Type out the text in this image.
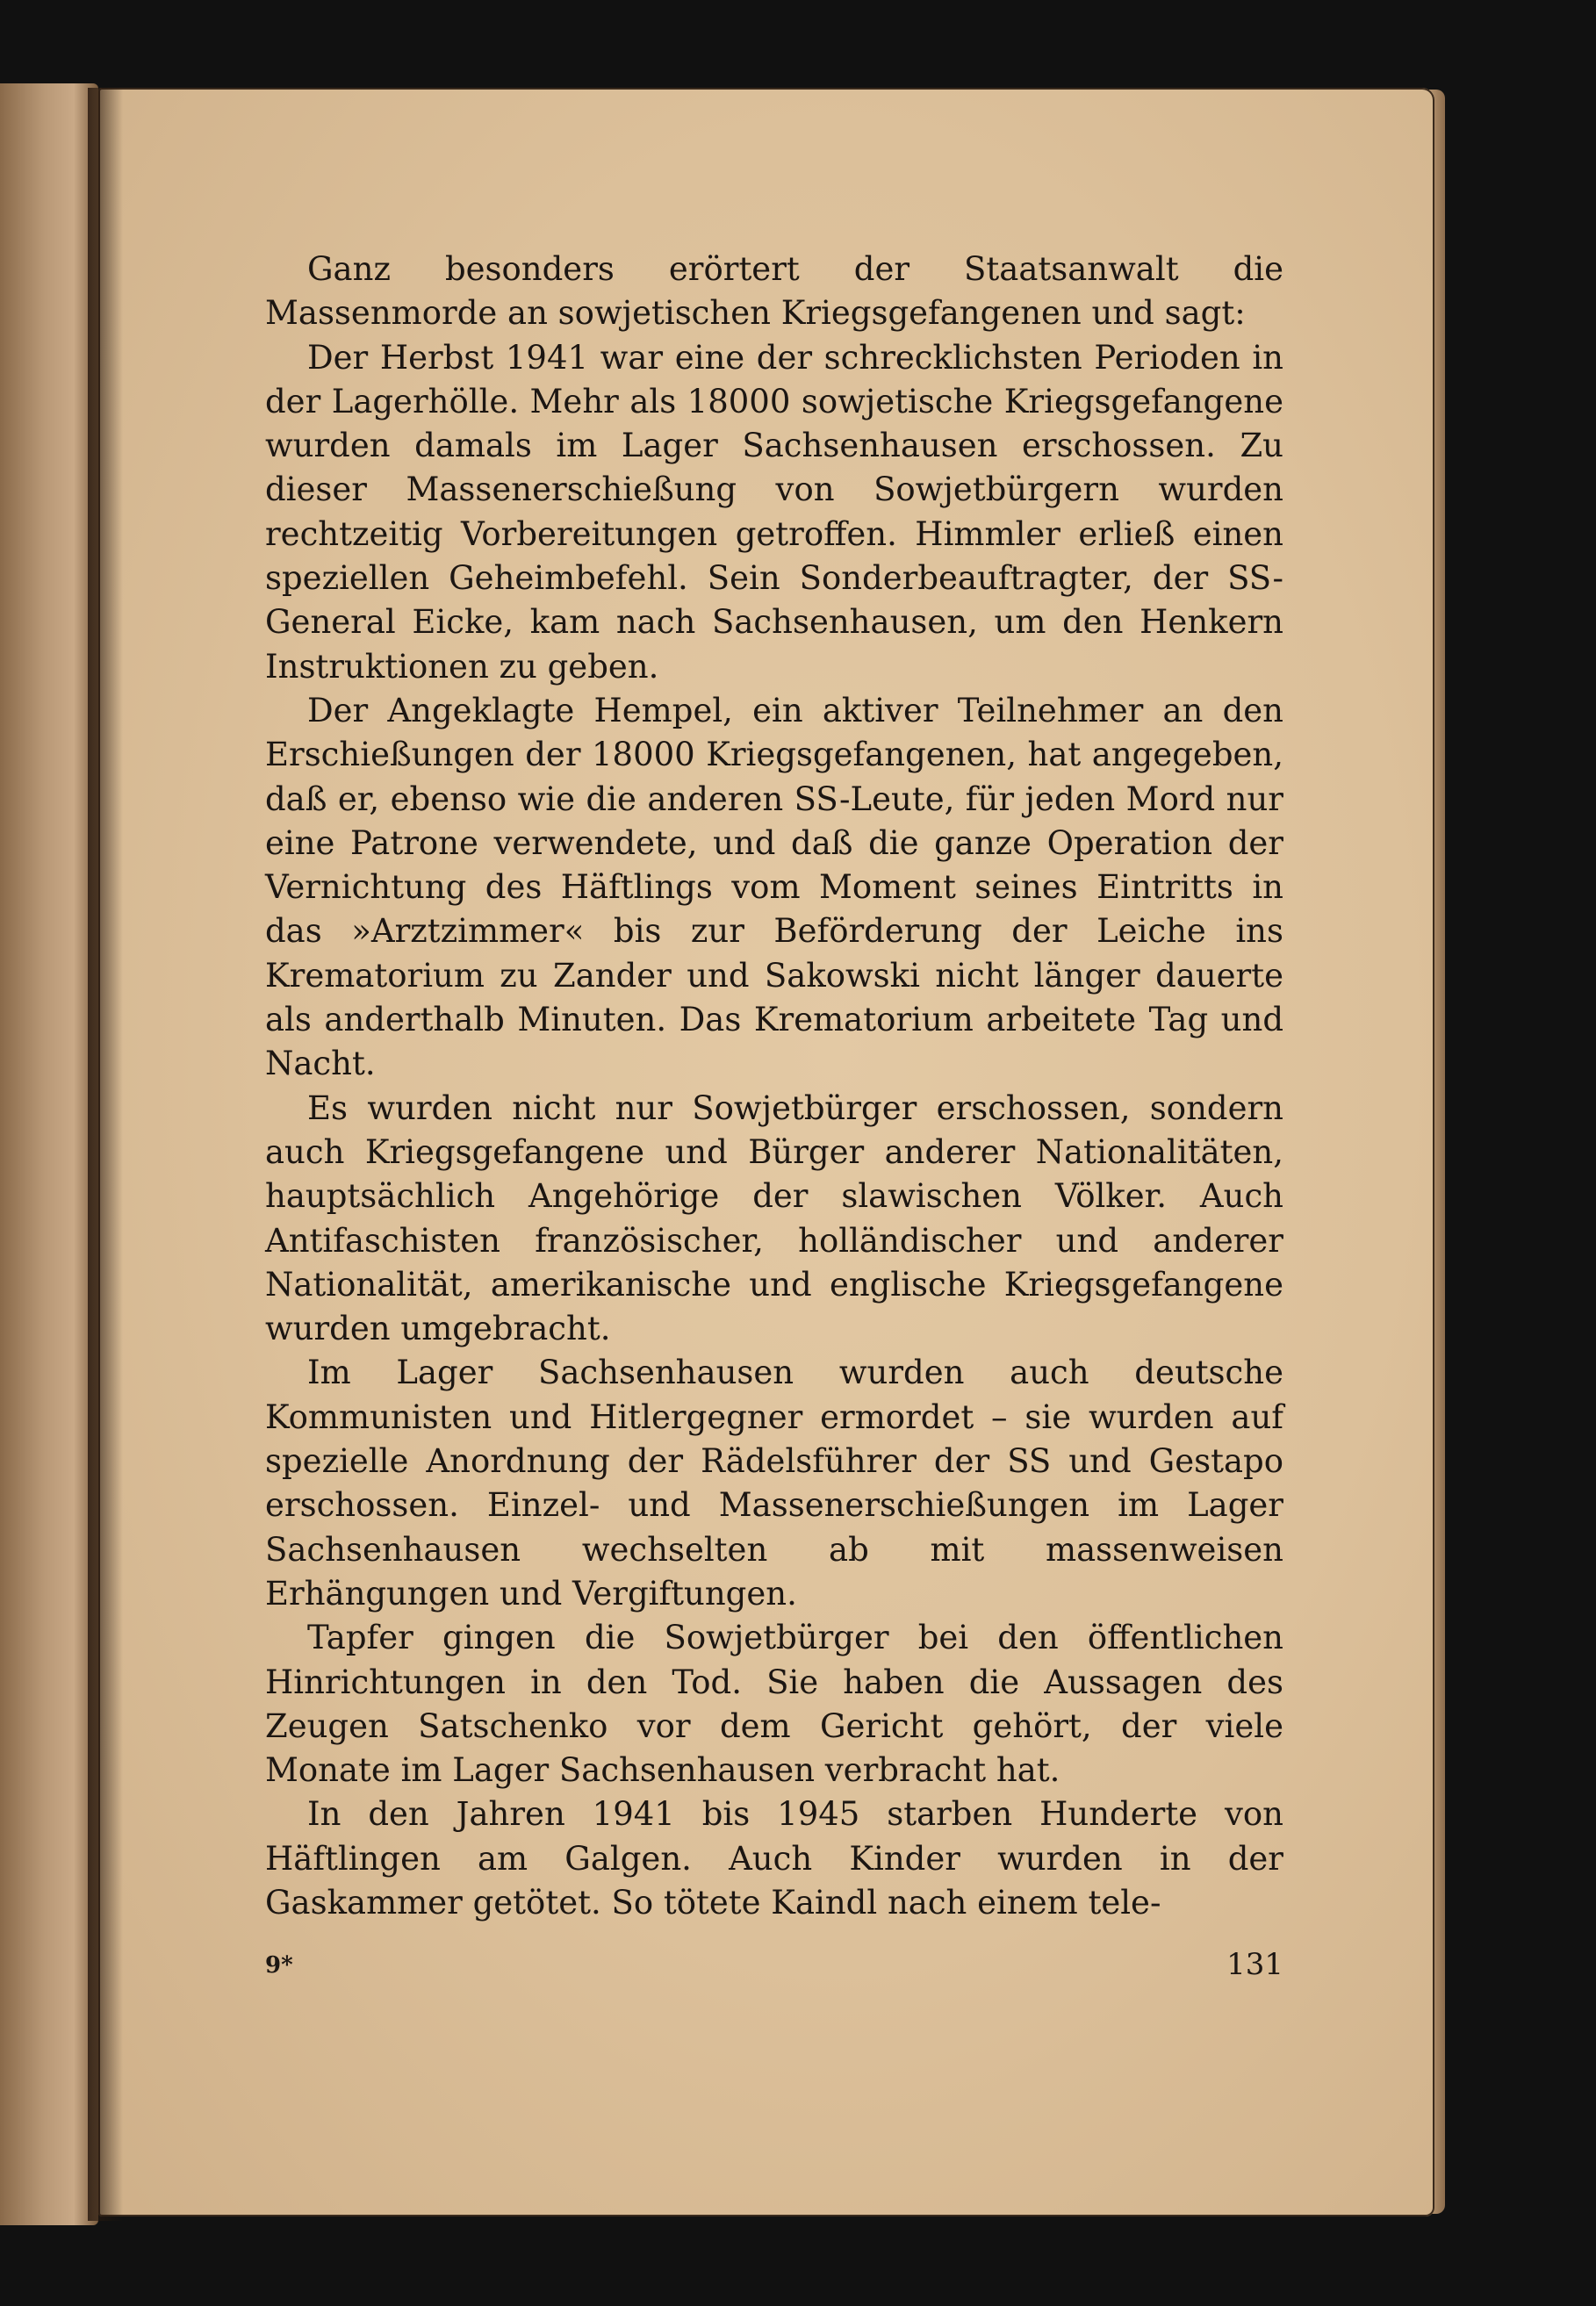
Ganz besonders erörtert der Staatsanwalt die Massenmorde an sowjetischen Kriegsgefangenen und sagt:

Der Herbst 1941 war eine der schrecklichsten Perioden in der Lagerhölle. Mehr als 18000 sowjetische Kriegsgefangene wurden damals im Lager Sachsenhausen erschossen. Zu dieser Massenerschießung von Sowjetbürgern wurden rechtzeitig Vorbereitungen getroffen. Himmler erließ einen speziellen Geheimbefehl. Sein Sonderbeauftragter, der SS-General Eicke, kam nach Sachsenhausen, um den Henkern Instruktionen zu geben.

Der Angeklagte Hempel, ein aktiver Teilnehmer an den Erschießungen der 18000 Kriegsgefangenen, hat angegeben, daß er, ebenso wie die anderen SS-Leute, für jeden Mord nur eine Patrone verwendete, und daß die ganze Operation der Vernichtung des Häftlings vom Moment seines Eintritts in das »Arztzimmer« bis zur Beförderung der Leiche ins Krematorium zu Zander und Sakowski nicht länger dauerte als anderthalb Minuten. Das Krematorium arbeitete Tag und Nacht.

Es wurden nicht nur Sowjetbürger erschossen, sondern auch Kriegsgefangene und Bürger anderer Nationalitäten, hauptsächlich Angehörige der slawischen Völker. Auch Antifaschisten französischer, holländischer und anderer Nationalität, amerikanische und englische Kriegsgefangene wurden umgebracht.

Im Lager Sachsenhausen wurden auch deutsche Kommunisten und Hitlergegner ermordet – sie wurden auf spezielle Anordnung der Rädelsführer der SS und Gestapo erschossen. Einzel- und Massenerschießungen im Lager Sachsenhausen wechselten ab mit massenweisen Erhängungen und Vergiftungen.

Tapfer gingen die Sowjetbürger bei den öffentlichen Hinrichtungen in den Tod. Sie haben die Aussagen des Zeugen Satschenko vor dem Gericht gehört, der viele Monate im Lager Sachsenhausen verbracht hat.

In den Jahren 1941 bis 1945 starben Hunderte von Häftlingen am Galgen. Auch Kinder wurden in der Gaskammer getötet. So tötete Kaindl nach einem tele-

9*	131
